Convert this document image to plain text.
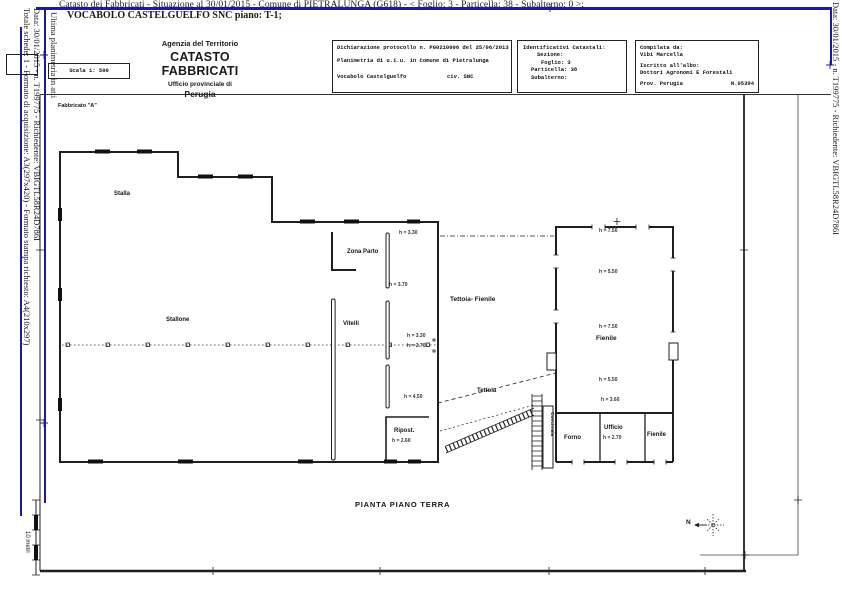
Catasto dei Fabbricati - Situazione al 30/01/2015 - Comune di PIETRALUNGA (G618) - < Foglio: 3 - Particella: 38 - Subalterno: 0 >;
VOCABOLO CASTELGUELFO SNC piano: T-1;
Totale schede: 1 - Formato di acquisizione: A3(297x420) - Formato stampa richiesto: A4(210x297) Data: 30/01/2015 - n. T199775 - Richiedente: VBIGTL58R24D786I Ultima planimetria in atti	Data: 30/01/2015 - n. T199775 - Richiedente: VBIGTL58R24D786I
Agenzia del Territorio
CATASTO FABBRICATI
Ufficio provinciale di
Perugia
Scala 1: 500
Dichiarazione protocollo n. PG0210006 del 25/06/2013
Planimetria di u.i.u. in Comune di Pietralunga
Vocabolo Castelguelfo	civ. SNC
Identificativi Catastali:
Sezione:
Foglio: 3
Particella: 38
Subalterno:
Compilata da:
Vibi Marcella
Iscritto all'albo:
Dottori Agronomi E Forestali
Prov. Perugia	N.05394
Fabbricato "A"
Stalla
Zona Parto
Stallone
Vitelli
Tettoia- Fienile
Fienile
Tettoia
Ripost.
Forno
Ufficio
Fienile
Concimaia
h = 3.30
h = 3.70
h = 3.30
h = 2.70
h = 4.50
h = 2.60	h = 2.70
h = 7.50
h = 5.50
h = 7.50
h = 5.50
h = 3.60
PIANTA PIANO TERRA
N
10 metri
